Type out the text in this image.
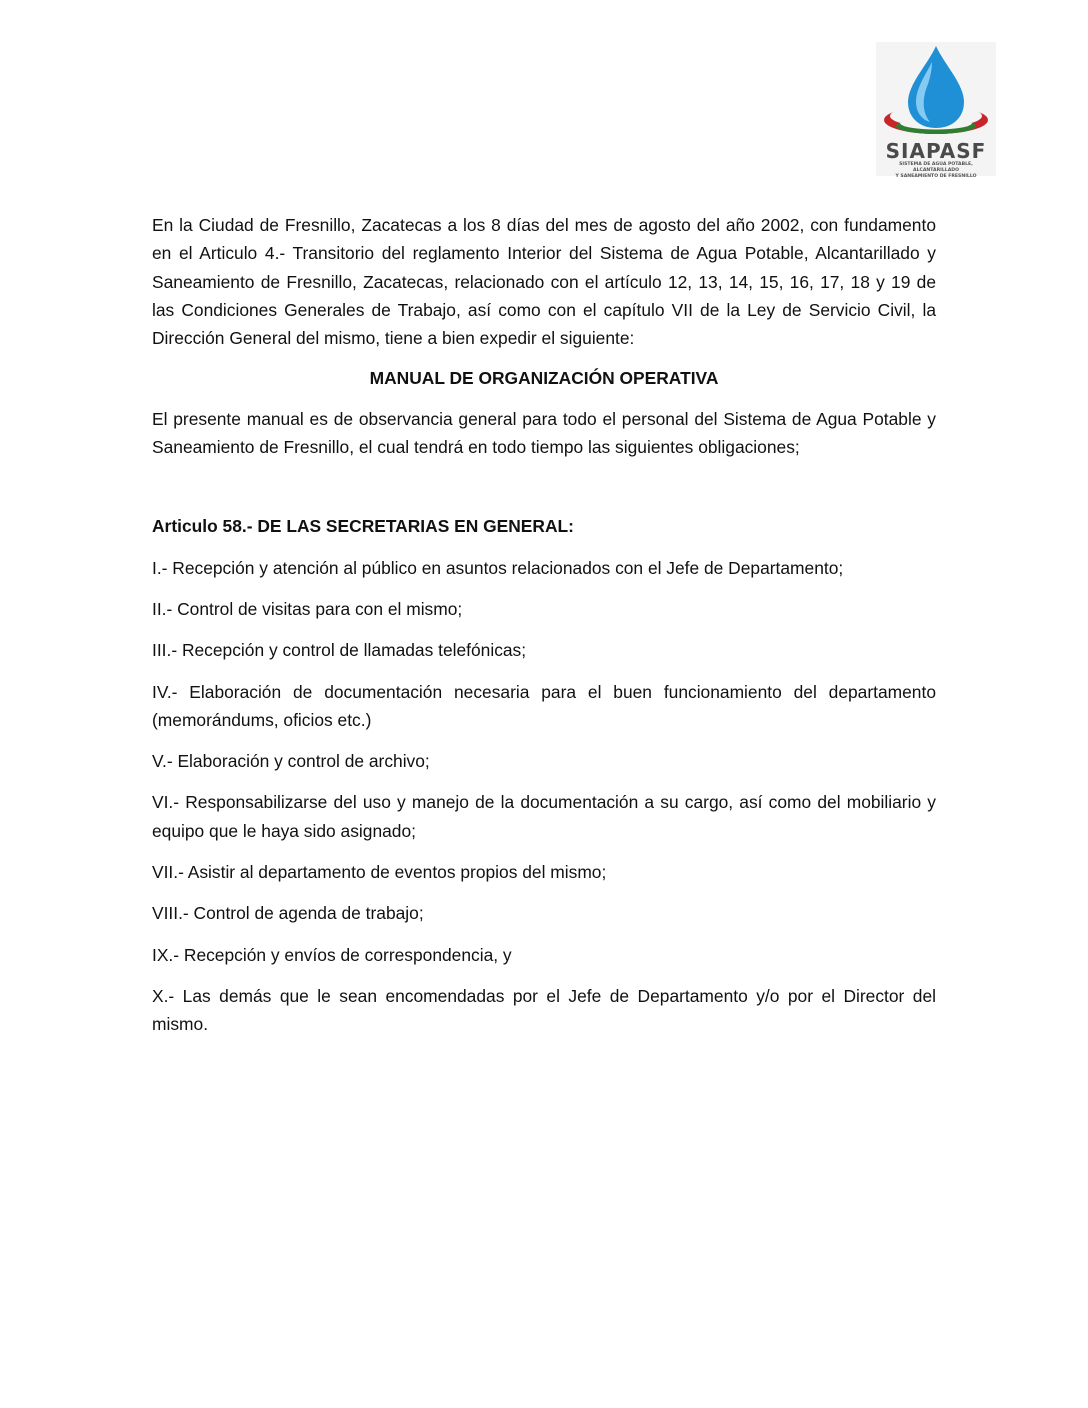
SIAPASF
SISTEMA DE AGUA POTABLE, ALCANTARILLADO
Y SANEAMIENTO DE FRESNILLO

En la Ciudad de Fresnillo, Zacatecas a los 8 días del mes de agosto del año 2002, con fundamento en el Articulo 4.- Transitorio del reglamento Interior del Sistema de Agua Potable, Alcantarillado y Saneamiento de Fresnillo, Zacatecas, relacionado con el artículo 12, 13, 14, 15, 16, 17, 18 y 19 de las Condiciones Generales de Trabajo, así como con el capítulo VII de la Ley de Servicio Civil, la Dirección General del mismo, tiene a bien expedir el siguiente:

MANUAL DE ORGANIZACIÓN OPERATIVA

El presente manual es de observancia general para todo el personal del Sistema de Agua Potable y Saneamiento de Fresnillo, el cual tendrá en todo tiempo las siguientes obligaciones;

Articulo 58.- DE LAS SECRETARIAS EN GENERAL:

I.- Recepción y atención al público en asuntos relacionados con el Jefe de Departamento;

II.- Control de visitas para con el mismo;

III.- Recepción y control de llamadas telefónicas;

IV.- Elaboración de documentación necesaria para el buen funcionamiento del departamento (memorándums, oficios etc.)

V.- Elaboración y control de archivo;

VI.- Responsabilizarse del uso y manejo de la documentación a su cargo, así como del mobiliario y equipo que le haya sido asignado;

VII.- Asistir al departamento de eventos propios del mismo;

VIII.- Control de agenda de trabajo;

IX.- Recepción y envíos de correspondencia, y

X.- Las demás que le sean encomendadas por el Jefe de Departamento y/o por el Director del mismo.
